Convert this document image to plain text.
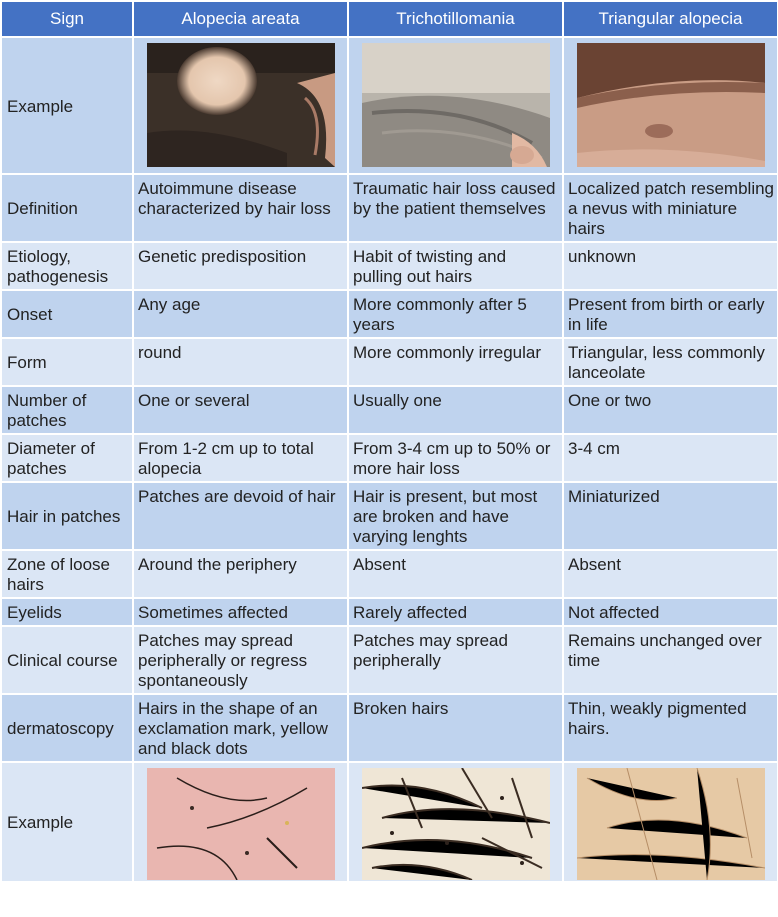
Sign	Alopecia areata	Trichotillomania	Triangular alopecia
Example	

Definition	Autoimmune disease characterized by hair loss	Traumatic hair loss caused by the patient themselves	Localized patch resembling a nevus with miniature hairs
Etiology, pathogenesis	Genetic predisposition	Habit of twisting and pulling out hairs	unknown
Onset	Any age	More commonly after 5 years	Present from birth or early in life
Form	round	More commonly irregular	Triangular, less commonly lanceolate
Number of patches	One or several	Usually one	One or two
Diameter of patches	From 1-2 cm up to total alopecia	From 3-4 cm up to 50% or more hair loss	3-4 cm
Hair in patches	Patches are devoid of hair	Hair is present, but most are broken and have varying lenghts	Miniaturized
Zone of loose hairs	Around the periphery	Absent	Absent
Eyelids	Sometimes affected	Rarely affected	Not affected
Clinical course	Patches may spread peripherally or regress spontaneously	Patches may spread peripherally	Remains unchanged over time
dermatoscopy	Hairs in the shape of an exclamation mark, yellow and black dots	Broken hairs	Thin, weakly pigmented hairs.
Example	
